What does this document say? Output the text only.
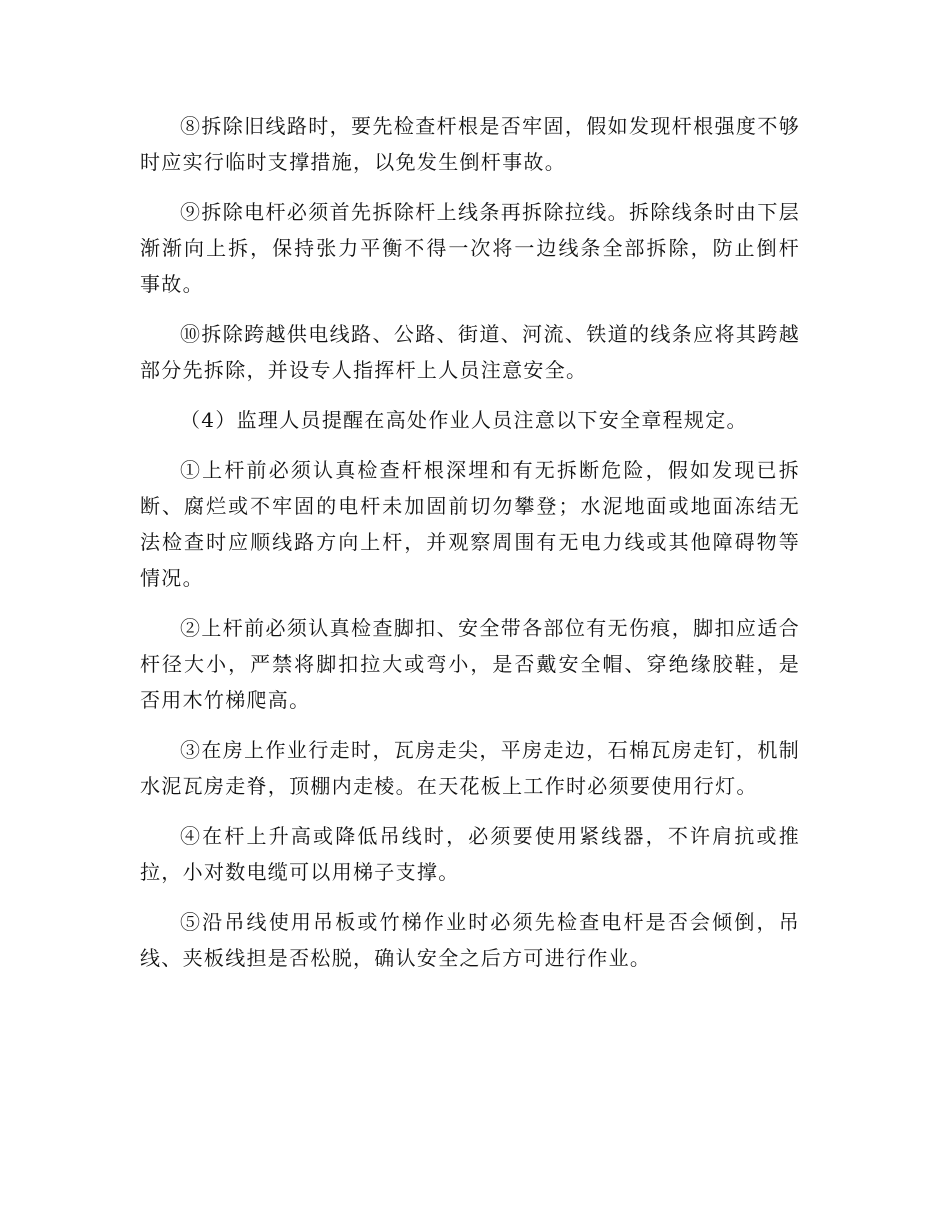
⑧拆除旧线路时，要先检查杆根是否牢固，假如发现杆根强度不够时应实行临时支撑措施，以免发生倒杆事故。

⑨拆除电杆必须首先拆除杆上线条再拆除拉线。拆除线条时由下层渐渐向上拆，保持张力平衡不得一次将一边线条全部拆除，防止倒杆事故。

⑩拆除跨越供电线路、公路、街道、河流、铁道的线条应将其跨越部分先拆除，并设专人指挥杆上人员注意安全。

（4）监理人员提醒在高处作业人员注意以下安全章程规定。

①上杆前必须认真检查杆根深埋和有无拆断危险，假如发现已拆断、腐烂或不牢固的电杆未加固前切勿攀登；水泥地面或地面冻结无法检查时应顺线路方向上杆，并观察周围有无电力线或其他障碍物等情况。

②上杆前必须认真检查脚扣、安全带各部位有无伤痕，脚扣应适合杆径大小，严禁将脚扣拉大或弯小，是否戴安全帽、穿绝缘胶鞋，是否用木竹梯爬高。

③在房上作业行走时，瓦房走尖，平房走边，石棉瓦房走钉，机制水泥瓦房走脊，顶棚内走棱。在天花板上工作时必须要使用行灯。

④在杆上升高或降低吊线时，必须要使用紧线器，不许肩抗或推拉，小对数电缆可以用梯子支撑。

⑤沿吊线使用吊板或竹梯作业时必须先检查电杆是否会倾倒，吊线、夹板线担是否松脱，确认安全之后方可进行作业。
